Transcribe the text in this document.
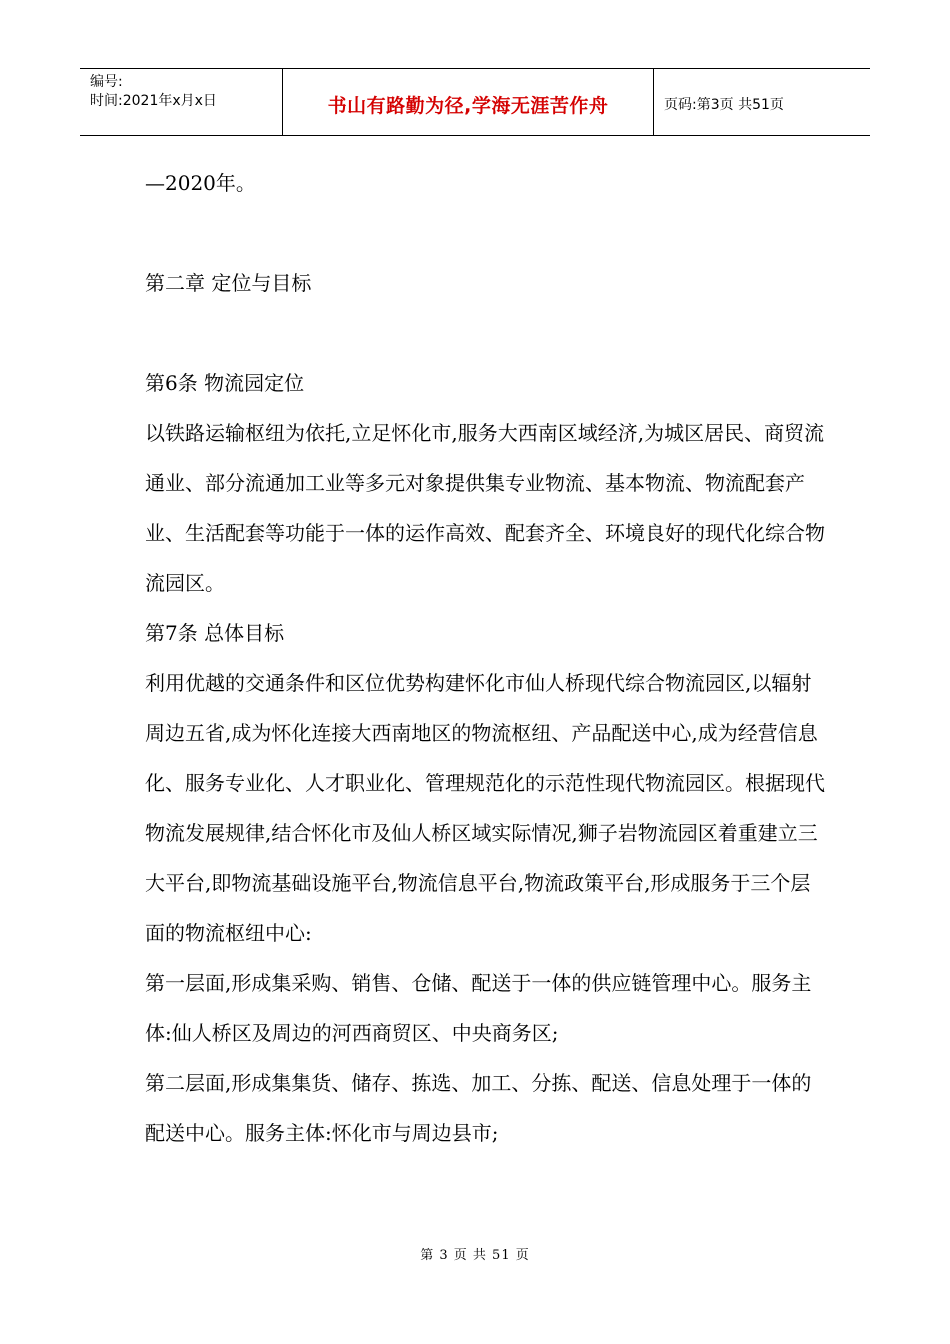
编号:
时间:2021年x月x日	书山有路勤为径,学海无涯苦作舟	页码:第3页 共51页

—2020年。

第二章 定位与目标

第6条 物流园定位

以铁路运输枢纽为依托,立足怀化市,服务大西南区域经济,为城区居民、商贸流通业、部分流通加工业等多元对象提供集专业物流、基本物流、物流配套产业、生活配套等功能于一体的运作高效、配套齐全、环境良好的现代化综合物流园区。

第7条 总体目标

利用优越的交通条件和区位优势构建怀化市仙人桥现代综合物流园区,以辐射周边五省,成为怀化连接大西南地区的物流枢纽、产品配送中心,成为经营信息化、服务专业化、人才职业化、管理规范化的示范性现代物流园区。根据现代物流发展规律,结合怀化市及仙人桥区域实际情况,狮子岩物流园区着重建立三大平台,即物流基础设施平台,物流信息平台,物流政策平台,形成服务于三个层面的物流枢纽中心:

第一层面,形成集采购、销售、仓储、配送于一体的供应链管理中心。服务主体:仙人桥区及周边的河西商贸区、中央商务区;

第二层面,形成集集货、储存、拣选、加工、分拣、配送、信息处理于一体的配送中心。服务主体:怀化市与周边县市;

第 3 页 共 51 页
